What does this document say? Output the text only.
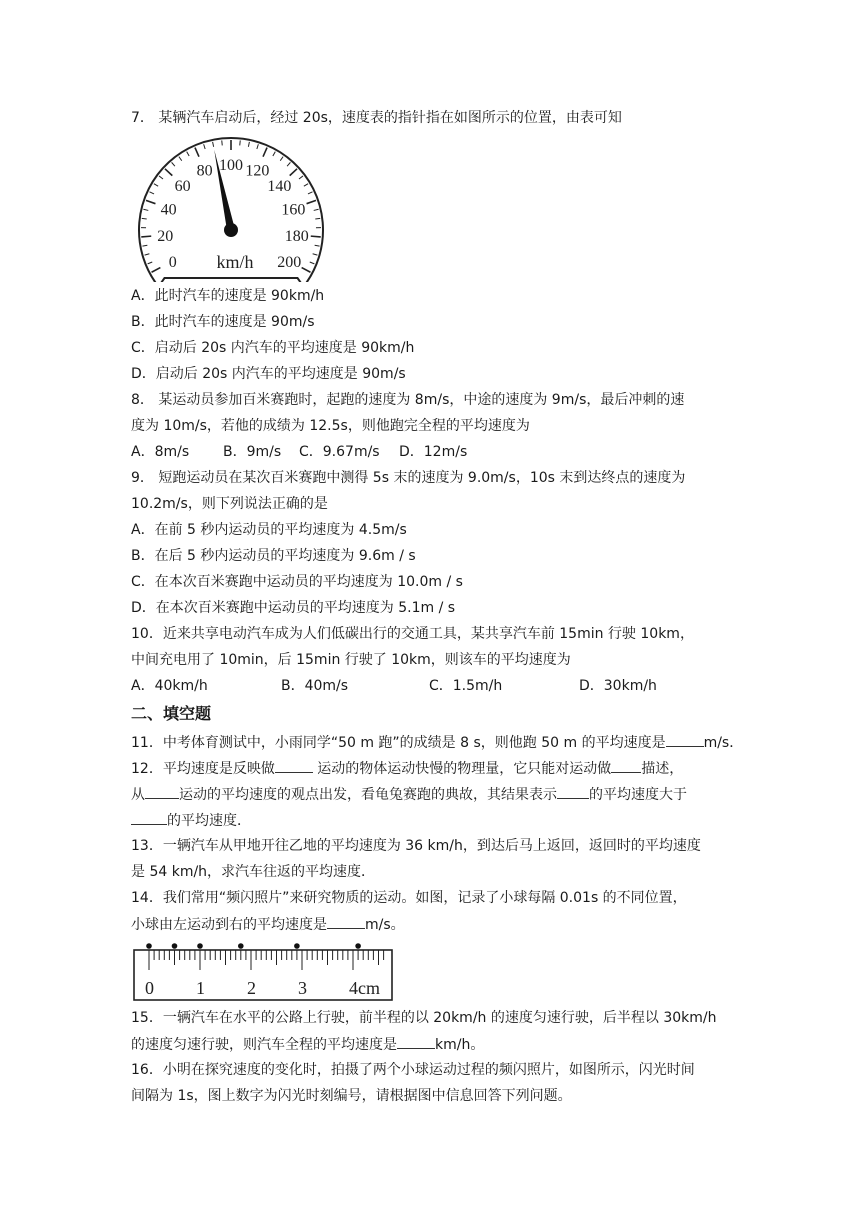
7． 某辆汽车启动后，经过 20s，速度表的指针指在如图所示的位置，由表可知
0
20
40
60
80 100 120
140
160
180
200
km/h
A．此时汽车的速度是 90km/h
B．此时汽车的速度是 90m/s
C．启动后 20s 内汽车的平均速度是 90km/h
D．启动后 20s 内汽车的平均速度是 90m/s
8． 某运动员参加百米赛跑时，起跑的速度为 8m/s，中途的速度为 9m/s，最后冲刺的速
度为 10m/s，若他的成绩为 12.5s，则他跑完全程的平均速度为
A．8m/s B．9m/s C．9.67m/s D．12m/s
9． 短跑运动员在某次百米赛跑中测得 5s 末的速度为 9.0m/s，10s 末到达终点的速度为
10.2m/s，则下列说法正确的是
A．在前 5 秒内运动员的平均速度为 4.5m/s
B．在后 5 秒内运动员的平均速度为 9.6m / s
C．在本次百米赛跑中运动员的平均速度为 10.0m / s
D．在本次百米赛跑中运动员的平均速度为 5.1m / s
10．近来共享电动汽车成为人们低碳出行的交通工具，某共享汽车前 15min 行驶 10km，
中间充电用了 10min，后 15min 行驶了 10km，则该车的平均速度为
A．40km/h	B．40m/s	C．1.5m/h	D．30km/h
二、填空题
11．中考体育测试中，小雨同学“50 m 跑”的成绩是 8 s，则他跑 50 m 的平均速度是	m/s．
12．平均速度是反映做	运动的物体运动快慢的物理量，它只能对运动做 描述，
从 运动的平均速度的观点出发，看龟兔赛跑的典故，其结果表示 的平均速度大于
的平均速度．
13．一辆汽车从甲地开往乙地的平均速度为 36 km/h，到达后马上返回，返回时的平均速度
是 54 km/h，求汽车往返的平均速度．
14．我们常用“频闪照片”来研究物质的运动。如图，记录了小球每隔 0.01s 的不同位置，
小球由左运动到右的平均速度是	m/s。
0 1 2 3 4cm
15．一辆汽车在水平的公路上行驶，前半程的以 20km/h 的速度匀速行驶，后半程以 30km/h
的速度匀速行驶，则汽车全程的平均速度是	km/h。
16．小明在探究速度的变化时，拍摄了两个小球运动过程的频闪照片，如图所示，闪光时间
间隔为 1s，图上数字为闪光时刻编号，请根据图中信息回答下列问题。
